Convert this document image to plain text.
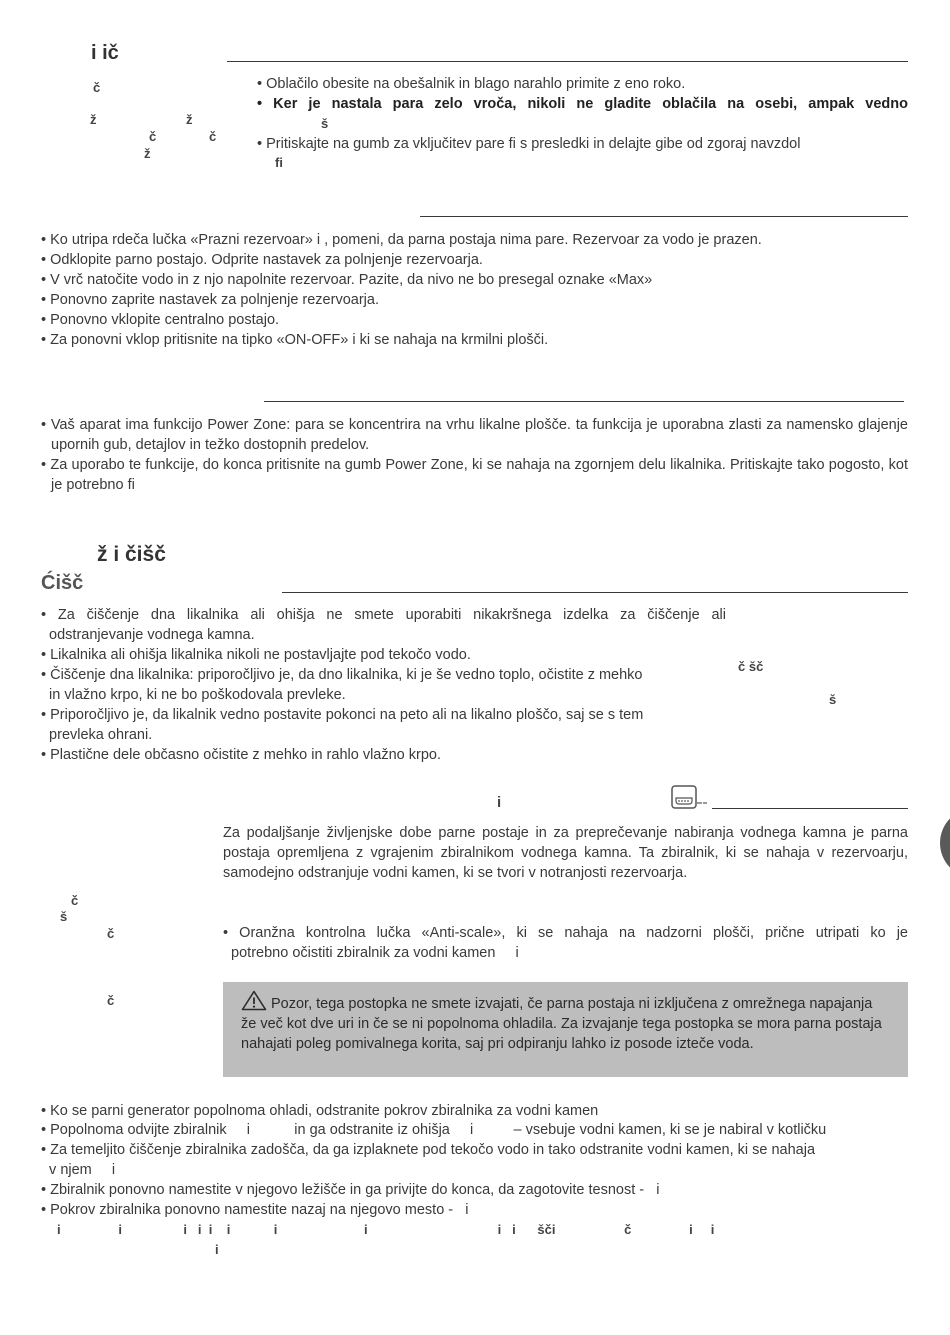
i ič
č
ž	ž
č	č
ž
• Oblačilo obesite na obešalnik in blago narahlo primite z eno roko.
• Ker je nastala para zelo vroča, nikoli ne gladite oblačila na osebi, ampak vedno
š
• Pritiskajte na gumb za vključitev pare ﬁ s presledki in delajte gibe od zgoraj navzdol
ﬁ
• Ko utripa rdeča lučka «Prazni rezervoar» i , pomeni, da parna postaja nima pare. Rezervoar za vodo je prazen.
• Odklopite parno postajo. Odprite nastavek za polnjenje rezervoarja.
• V vrč natočite vodo in z njo napolnite rezervoar. Pazite, da nivo ne bo presegal oznake «Max»
• Ponovno zaprite nastavek za polnjenje rezervoarja.
• Ponovno vklopite centralno postajo.
• Za ponovni vklop pritisnite na tipko «ON-OFF» i ki se nahaja na krmilni plošči.
• Vaš aparat ima funkcijo Power Zone: para se koncentrira na vrhu likalne plošče. ta funkcija je uporabna zlasti za namensko glajenje upornih gub, detajlov in težko dostopnih predelov.
• Za uporabo te funkcije, do konca pritisnite na gumb Power Zone, ki se nahaja na zgornjem delu likalnika. Pritiskajte tako pogosto, kot je potrebno ﬁ
ž i čišč
Ćišč
• Za čiščenje dna likalnika ali ohišja ne smete uporabiti nikakršnega izdelka za čiščenje ali
odstranjevanje vodnega kamna.
• Likalnika ali ohišja likalnika nikoli ne postavljajte pod tekočo vodo.
• Čiščenje dna likalnika: priporočljivo je, da dno likalnika, ki je še vedno toplo, očistite z mehko
in vlažno krpo, ki ne bo poškodovala prevleke.
• Priporočljivo je, da likalnik vedno postavite pokonci na peto ali na likalno ploščo, saj se s tem
prevleka ohrani.
• Plastične dele občasno očistite z mehko in rahlo vlažno krpo.
č šč
š
i
Za podaljšanje življenjske dobe parne postaje in za preprečevanje nabiranja vodnega kamna je parna postaja opremljena z vgrajenim zbiralnikom vodnega kamna. Ta zbiralnik, ki se nahaja v rezervoarju, samodejno odstranjuje vodni kamen, ki se tvori v notranjosti rezervoarja.
č
š
č
č
• Oranžna kontrolna lučka «Anti-scale», ki se nahaja na nadzorni plošči, prične utripati ko je
potrebno očistiti zbiralnik za vodni kamen     i
Pozor, tega postopka ne smete izvajati, če parna postaja ni izključena z omrežnega napajanja že več kot dve uri in če se ni popolnoma ohladila. Za izvajanje tega postopka se mora parna postaja nahajati poleg pomivalnega korita, saj pri odpiranju lahko iz posode izteče voda.
• Ko se parni generator popolnoma ohladi, odstranite pokrov zbiralnika za vodni kamen
• Popolnoma odvijte zbiralnik     i           in ga odstranite iz ohišja     i          – vsebuje vodni kamen, ki se je nabiral v kotličku
• Za temeljito čiščenje zbiralnika zadošča, da ga izplaknete pod tekočo vodo in tako odstranite vodni kamen, ki se nahaja
v njem     i
• Zbiralnik ponovno namestite v njegovo ležišče in ga privijte do konca, da zagotovite tesnost -   i
• Pokrov zbiralnika ponovno namestite nazaj na njegovo mesto -   i
i                i                 i   i  i    i            i                        i                                    i   i      šči                   č                i     i
i
